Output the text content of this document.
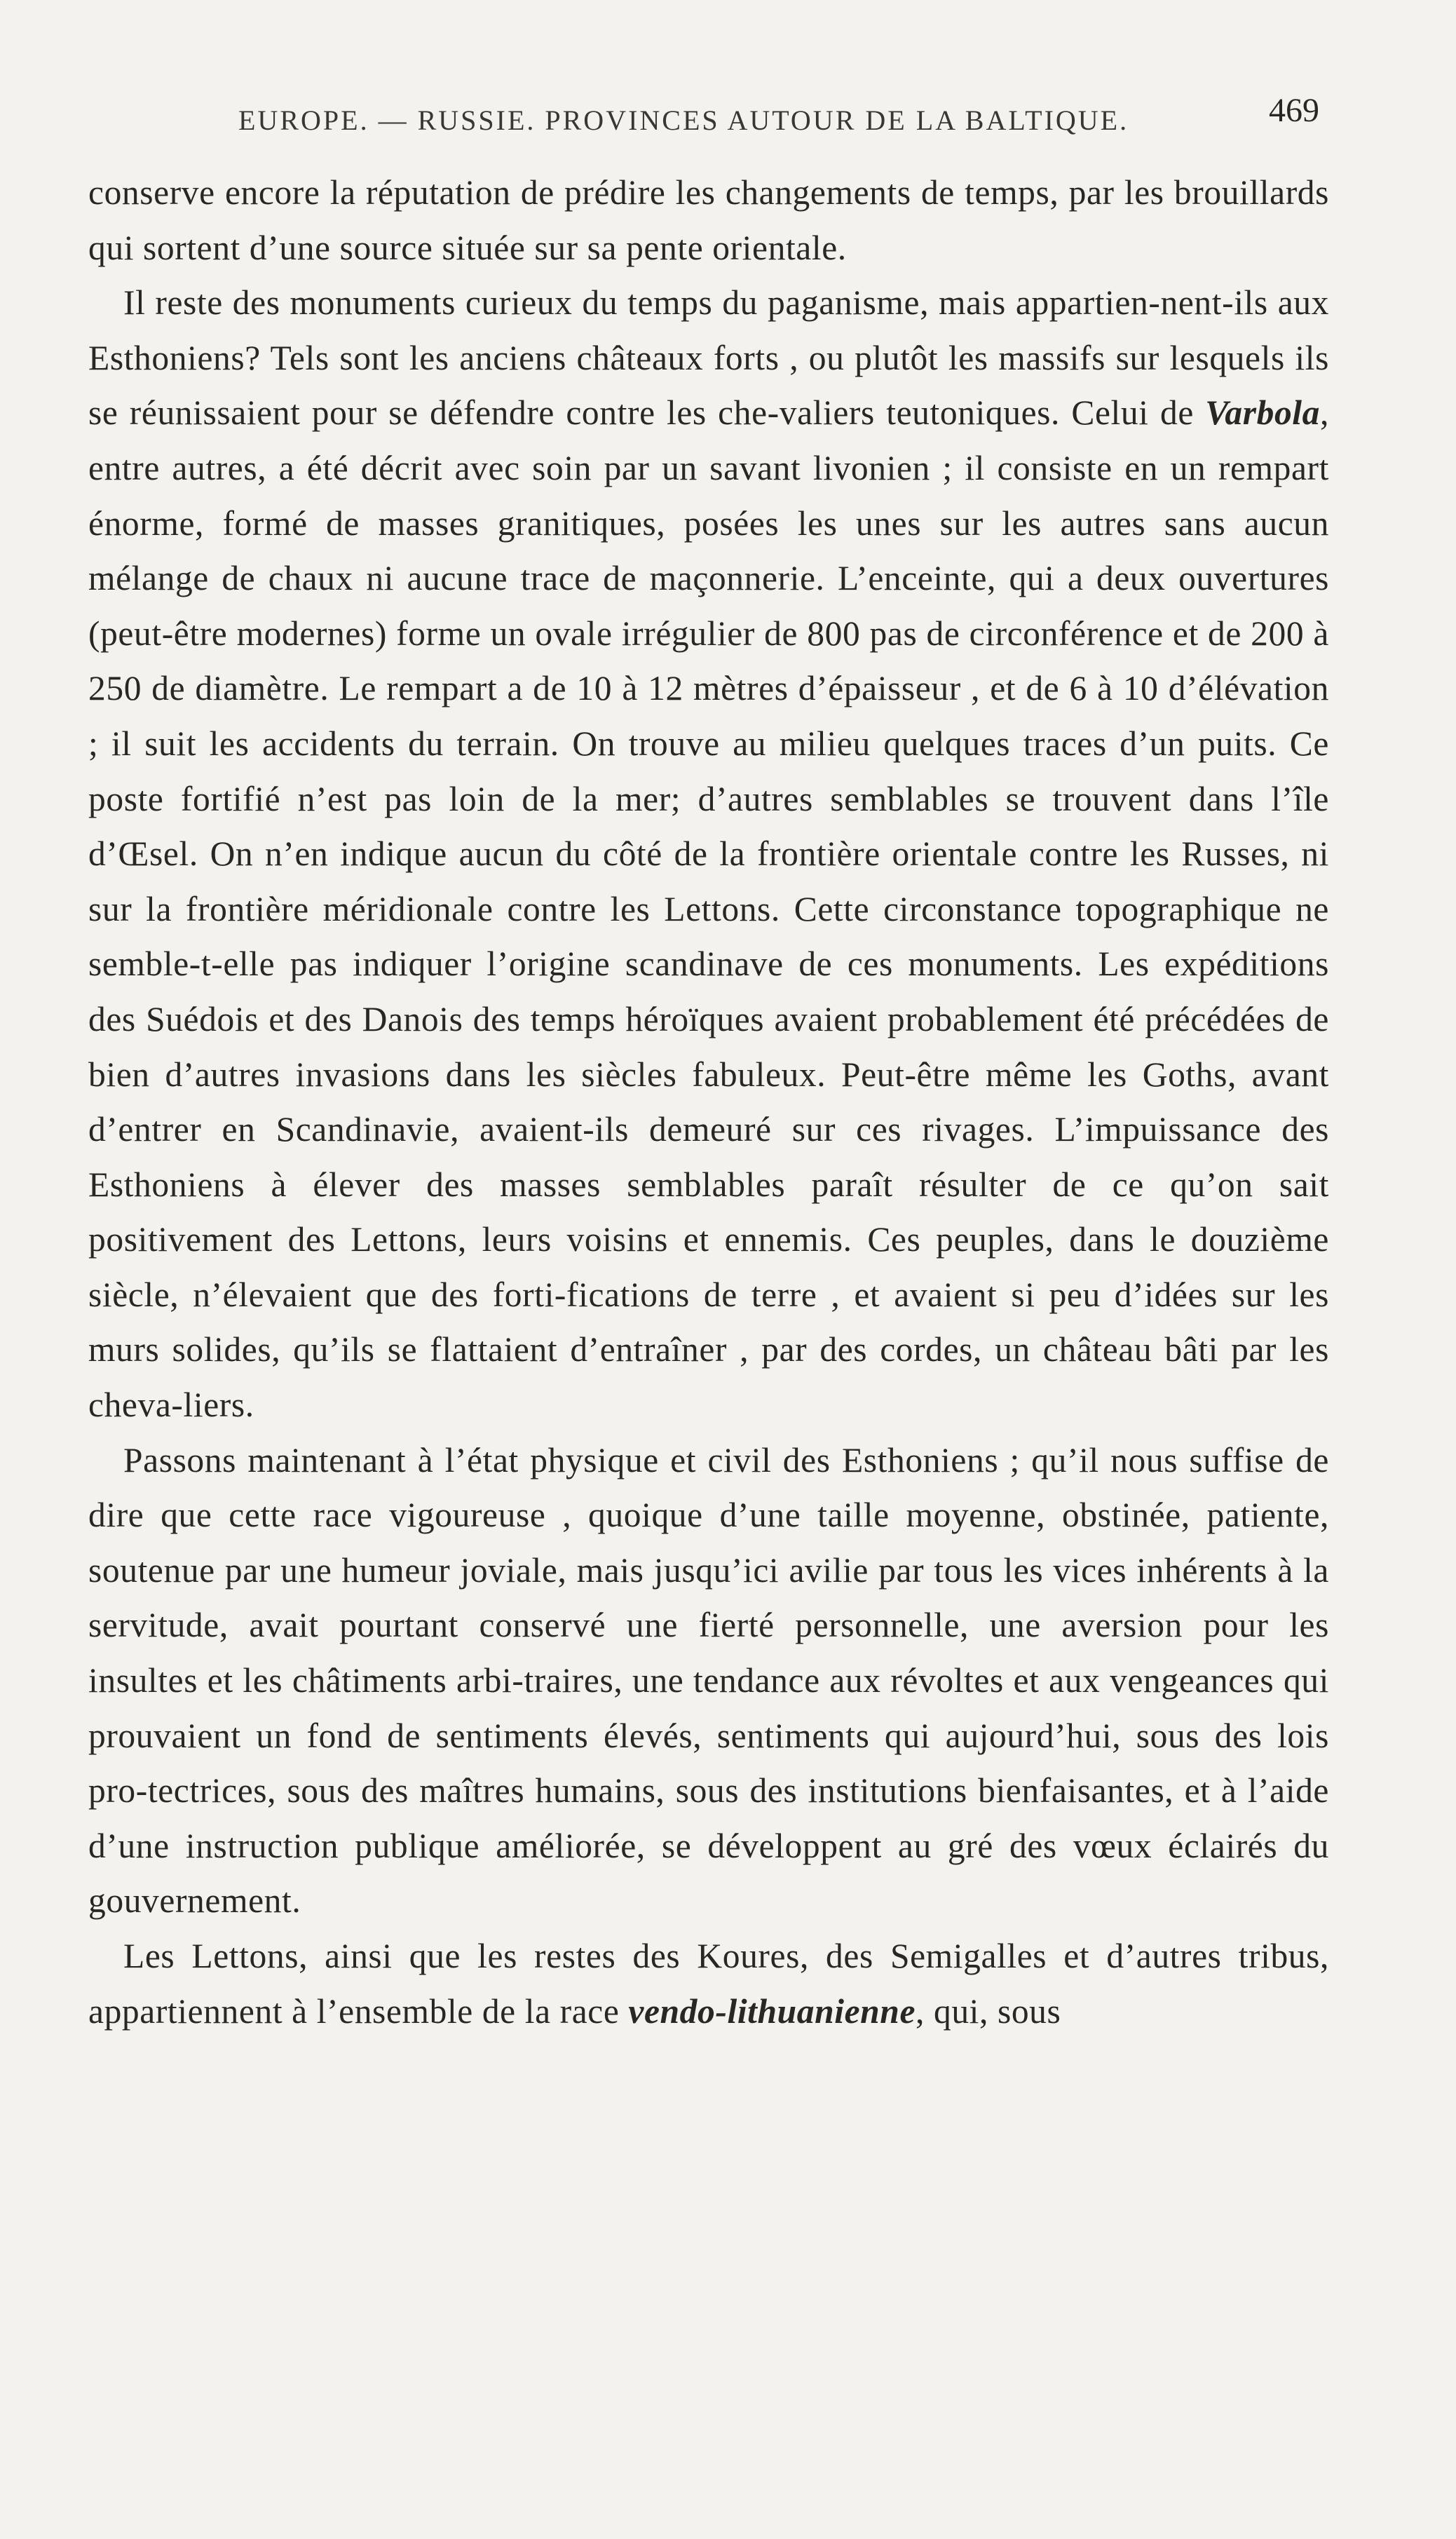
EUROPE. — RUSSIE. PROVINCES AUTOUR DE LA BALTIQUE.	469

conserve encore la réputation de prédire les changements de temps, par les brouillards qui sortent d’une source située sur sa pente orientale.

Il reste des monuments curieux du temps du paganisme, mais appartien-nent-ils aux Esthoniens? Tels sont les anciens châteaux forts , ou plutôt les massifs sur lesquels ils se réunissaient pour se défendre contre les che-valiers teutoniques. Celui de Varbola, entre autres, a été décrit avec soin par un savant livonien ; il consiste en un rempart énorme, formé de masses granitiques, posées les unes sur les autres sans aucun mélange de chaux ni aucune trace de maçonnerie. L’enceinte, qui a deux ouvertures (peut-être modernes) forme un ovale irrégulier de 800 pas de circonférence et de 200 à 250 de diamètre. Le rempart a de 10 à 12 mètres d’épaisseur , et de 6 à 10 d’élévation ; il suit les accidents du terrain. On trouve au milieu quelques traces d’un puits. Ce poste fortifié n’est pas loin de la mer; d’autres semblables se trouvent dans l’île d’Œsel. On n’en indique aucun du côté de la frontière orientale contre les Russes, ni sur la frontière méridionale contre les Lettons. Cette circonstance topographique ne semble-t-elle pas indiquer l’origine scandinave de ces monuments. Les expéditions des Suédois et des Danois des temps héroïques avaient probablement été précédées de bien d’autres invasions dans les siècles fabuleux. Peut-être même les Goths, avant d’entrer en Scandinavie, avaient-ils demeuré sur ces rivages. L’impuissance des Esthoniens à élever des masses semblables paraît résulter de ce qu’on sait positivement des Lettons, leurs voisins et ennemis. Ces peuples, dans le douzième siècle, n’élevaient que des forti-fications de terre , et avaient si peu d’idées sur les murs solides, qu’ils se flattaient d’entraîner , par des cordes, un château bâti par les cheva-liers.

Passons maintenant à l’état physique et civil des Esthoniens ; qu’il nous suffise de dire que cette race vigoureuse , quoique d’une taille moyenne, obstinée, patiente, soutenue par une humeur joviale, mais jusqu’ici avilie par tous les vices inhérents à la servitude, avait pourtant conservé une fierté personnelle, une aversion pour les insultes et les châtiments arbi-traires, une tendance aux révoltes et aux vengeances qui prouvaient un fond de sentiments élevés, sentiments qui aujourd’hui, sous des lois pro-tectrices, sous des maîtres humains, sous des institutions bienfaisantes, et à l’aide d’une instruction publique améliorée, se développent au gré des vœux éclairés du gouvernement.

Les Lettons, ainsi que les restes des Koures, des Semigalles et d’autres tribus, appartiennent à l’ensemble de la race vendo-lithuanienne, qui, sous
